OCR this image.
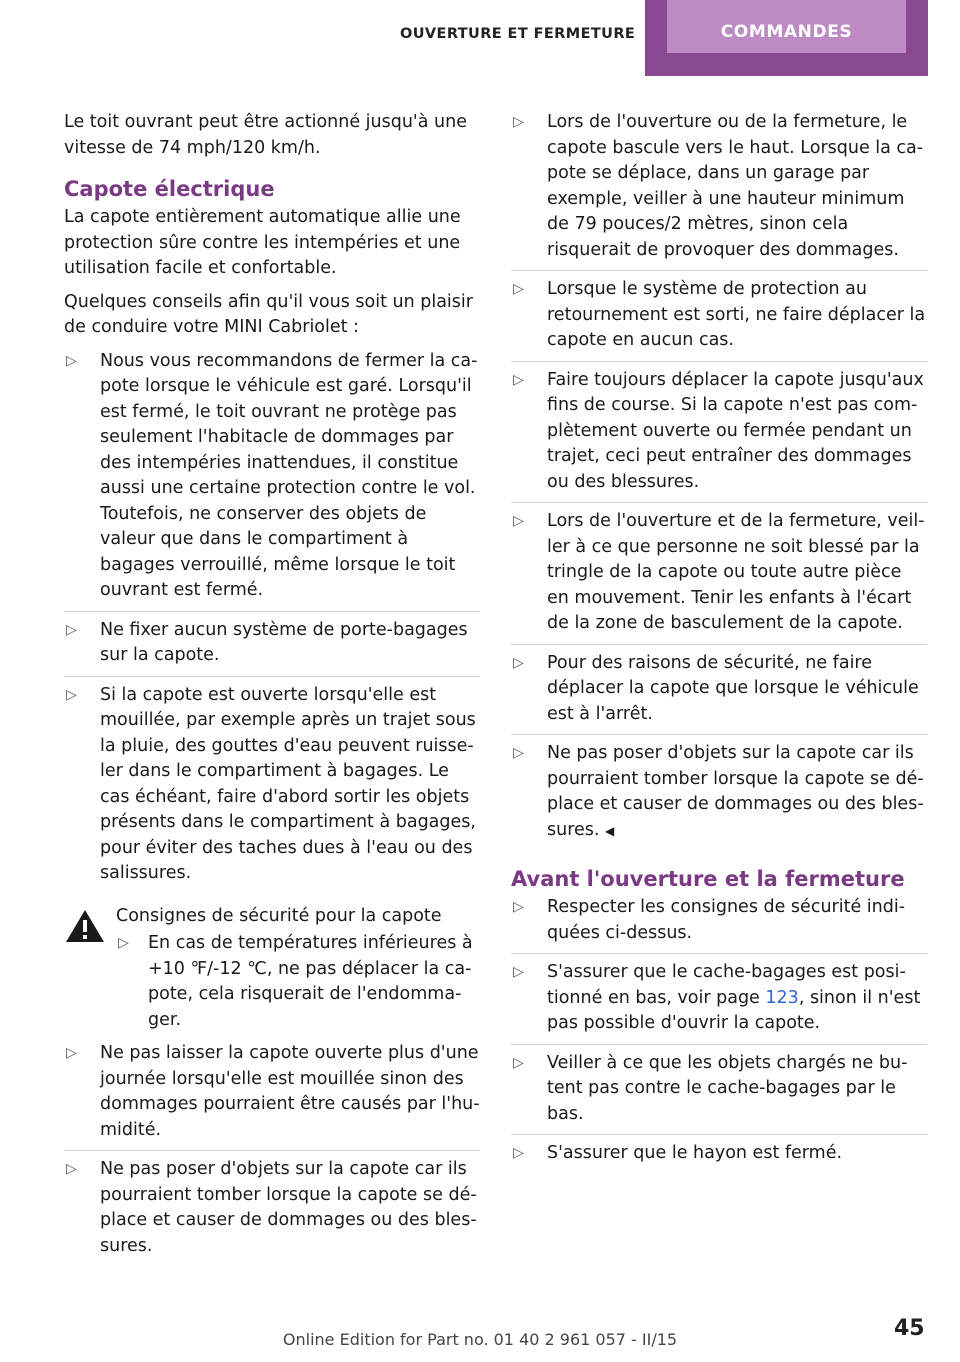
OUVERTURE ET FERMETURE	COMMANDES

Le toit ouvrant peut être actionné jusqu'à une vitesse de 74 mph/120 km/h.

Capote électrique

La capote entièrement automatique allie une protection sûre contre les intempéries et une utilisation facile et confortable.

Quelques conseils afin qu'il vous soit un plaisir de conduire votre MINI Cabriolet :

▷ Nous vous recommandons de fermer la capote lorsque le véhicule est garé. Lorsqu'il est fermé, le toit ouvrant ne protège pas seulement l'habitacle de dommages par des intempéries inattendues, il constitue aussi une certaine protection contre le vol. Toutefois, ne conserver des objets de valeur que dans le compartiment à bagages verrouillé, même lorsque le toit ouvrant est fermé.
▷ Ne fixer aucun système de porte-bagages sur la capote.
▷ Si la capote est ouverte lorsqu'elle est mouillée, par exemple après un trajet sous la pluie, des gouttes d'eau peuvent ruisseler dans le compartiment à bagages. Le cas échéant, faire d'abord sortir les objets présents dans le compartiment à bagages, pour éviter des taches dues à l'eau ou des salissures.
Consignes de sécurité pour la capote
▷ En cas de températures inférieures à +10 ℉/-12 ℃, ne pas déplacer la capote, cela risquerait de l'endommager.
▷ Ne pas laisser la capote ouverte plus d'une journée lorsqu'elle est mouillée sinon des dommages pourraient être causés par l'humidité.
▷ Ne pas poser d'objets sur la capote car ils pourraient tomber lorsque la capote se déplace et causer de dommages ou des blessures.
▷ Lors de l'ouverture ou de la fermeture, le capote bascule vers le haut. Lorsque la capote se déplace, dans un garage par exemple, veiller à une hauteur minimum de 79 pouces/2 mètres, sinon cela risquerait de provoquer des dommages.
▷ Lorsque le système de protection au retournement est sorti, ne faire déplacer la capote en aucun cas.
▷ Faire toujours déplacer la capote jusqu'aux fins de course. Si la capote n'est pas complètement ouverte ou fermée pendant un trajet, ceci peut entraîner des dommages ou des blessures.
▷ Lors de l'ouverture et de la fermeture, veiller à ce que personne ne soit blessé par la tringle de la capote ou toute autre pièce en mouvement. Tenir les enfants à l'écart de la zone de basculement de la capote.
▷ Pour des raisons de sécurité, ne faire déplacer la capote que lorsque le véhicule est à l'arrêt.
▷ Ne pas poser d'objets sur la capote car ils pourraient tomber lorsque la capote se déplace et causer de dommages ou des blessures. ◀
Avant l'ouverture et la fermeture
▷ Respecter les consignes de sécurité indiquées ci-dessus.
▷ S'assurer que le cache-bagages est positionné en bas, voir page 123, sinon il n'est pas possible d'ouvrir la capote.
▷ Veiller à ce que les objets chargés ne butent pas contre le cache-bagages par le bas.
▷ S'assurer que le hayon est fermé.
45
Online Edition for Part no. 01 40 2 961 057 - II/15
